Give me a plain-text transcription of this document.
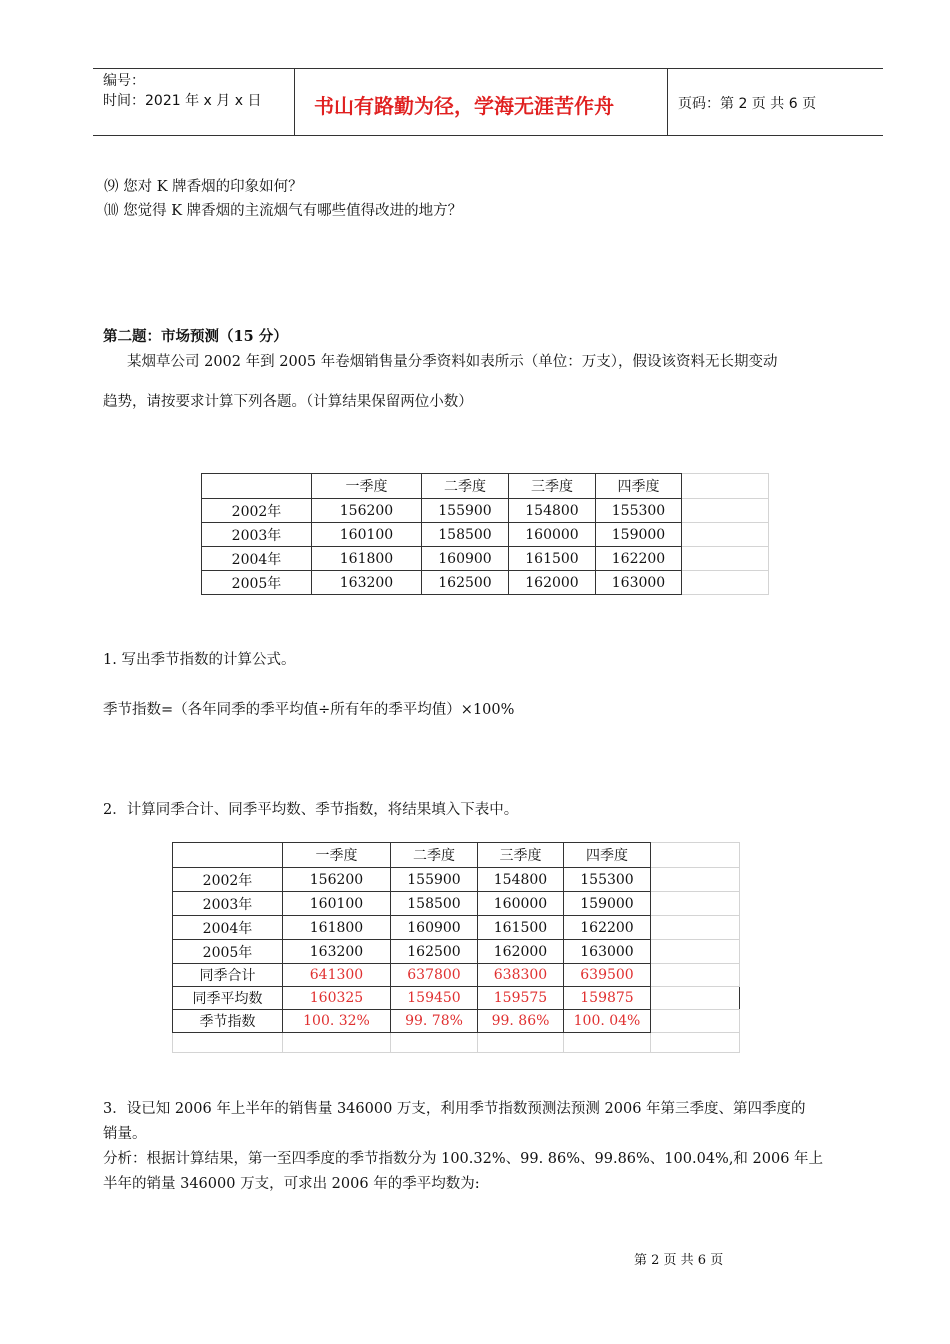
编号：
时间：2021 年 x 月 x 日	书山有路勤为径，学海无涯苦作舟	页码：第 2 页 共 6 页
⑼ 您对 K 牌香烟的印象如何？
⑽ 您觉得 K 牌香烟的主流烟气有哪些值得改进的地方？
第二题：市场预测（15 分）
某烟草公司 2002 年到 2005 年卷烟销售量分季资料如表所示（单位：万支），假设该资料无长期变动
趋势，请按要求计算下列各题。（计算结果保留两位小数）
	一季度	二季度	三季度	四季度	
2002年	156200	155900	154800	155300	
2003年	160100	158500	160000	159000	
2004年	161800	160900	161500	162200	
2005年	163200	162500	162000	163000	
1. 写出季节指数的计算公式。
季节指数=（各年同季的季平均值÷所有年的季平均值）×100%
2．计算同季合计、同季平均数、季节指数，将结果填入下表中。
	一季度	二季度	三季度	四季度	
2002年	156200	155900	154800	155300	
2003年	160100	158500	160000	159000	
2004年	161800	160900	161500	162200	
2005年	163200	162500	162000	163000	
同季合计	641300	637800	638300	639500	
同季平均数	160325	159450	159575	159875	
季节指数	100. 32%	99. 78%	99. 86%	100. 04%	

3．设已知 2006 年上半年的销售量 346000 万支，利用季节指数预测法预测 2006 年第三季度、第四季度的
销量。
分析：根据计算结果，第一至四季度的季节指数分为 100.32%、99. 86%、99.86%、100.04%,和 2006 年上
半年的销量 346000 万支，可求出 2006 年的季平均数为:
第 2 页 共 6 页
